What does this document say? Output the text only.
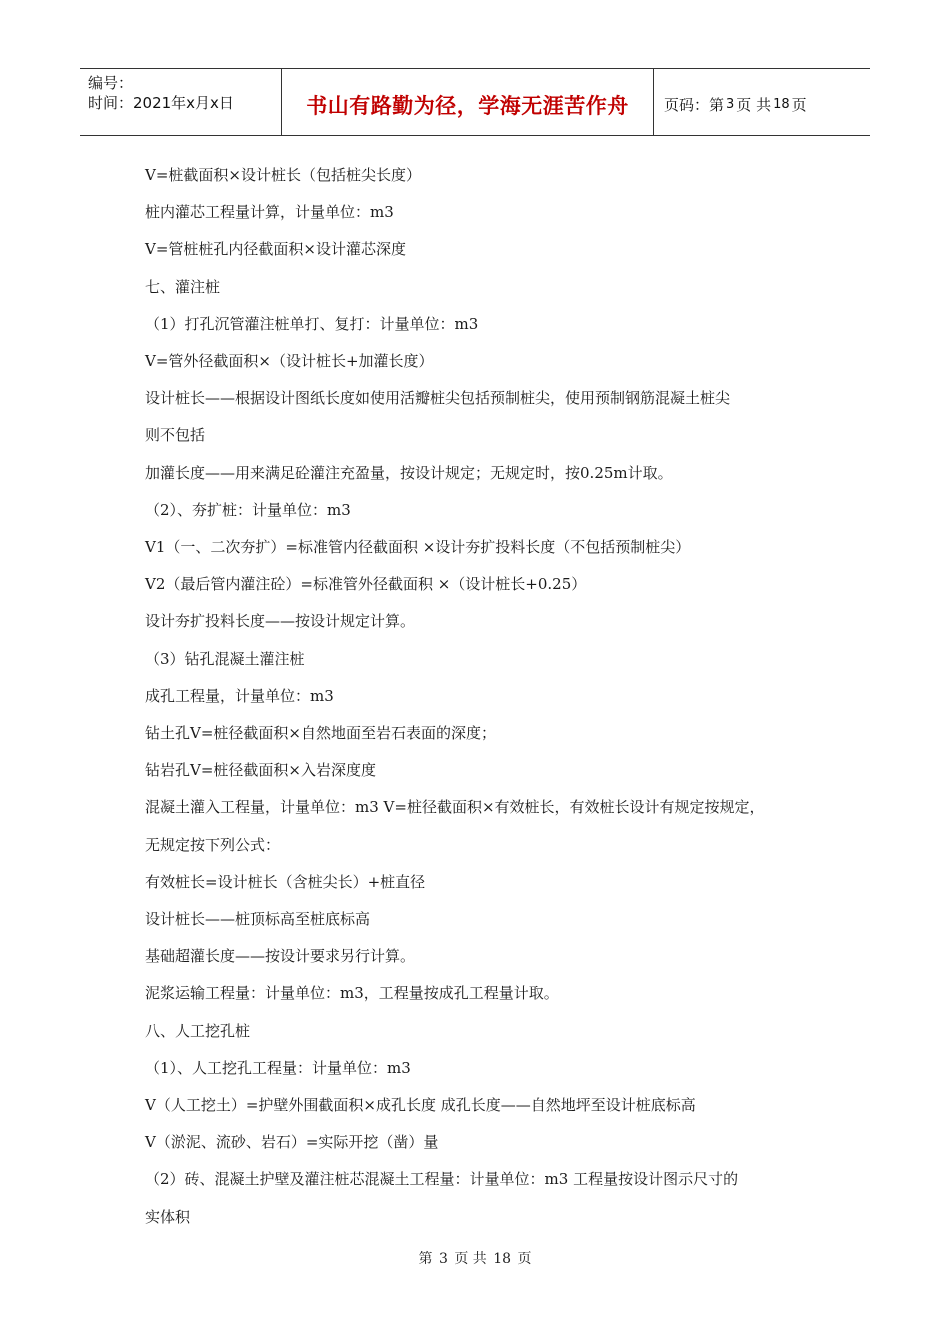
编号：
时间：2021年x月x日	书山有路勤为径，学海无涯苦作舟	页码：第 3 页 共 18 页
V=桩截面积×设计桩长（包括桩尖长度）
桩内灌芯工程量计算，计量单位：m3
V=管桩桩孔内径截面积×设计灌芯深度
七、灌注桩
（1）打孔沉管灌注桩单打、复打：计量单位：m3
V=管外径截面积×（设计桩长+加灌长度）
设计桩长——根据设计图纸长度如使用活瓣桩尖包括预制桩尖，使用预制钢筋混凝土桩尖
则不包括
加灌长度——用来满足砼灌注充盈量，按设计规定；无规定时，按0.25m计取。
（2）、夯扩桩：计量单位：m3
V1（一、二次夯扩）=标准管内径截面积 ×设计夯扩投料长度（不包括预制桩尖）
V2（最后管内灌注砼）=标准管外径截面积 ×（设计桩长+0.25）
设计夯扩投料长度——按设计规定计算。
（3）钻孔混凝土灌注桩
成孔工程量，计量单位：m3
钻土孔V=桩径截面积×自然地面至岩石表面的深度；
钻岩孔V=桩径截面积×入岩深度度
混凝土灌入工程量，计量单位：m3 V=桩径截面积×有效桩长，有效桩长设计有规定按规定，
无规定按下列公式：
有效桩长=设计桩长（含桩尖长）+桩直径
设计桩长——桩顶标高至桩底标高
基础超灌长度——按设计要求另行计算。
泥浆运输工程量：计量单位：m3，工程量按成孔工程量计取。
八、人工挖孔桩
（1）、人工挖孔工程量：计量单位：m3
V（人工挖土）=护壁外围截面积×成孔长度 成孔长度——自然地坪至设计桩底标高
V（淤泥、流砂、岩石）=实际开挖（凿）量
（2）砖、混凝土护壁及灌注桩芯混凝土工程量：计量单位：m3 工程量按设计图示尺寸的
实体积
第 3 页 共 18 页
